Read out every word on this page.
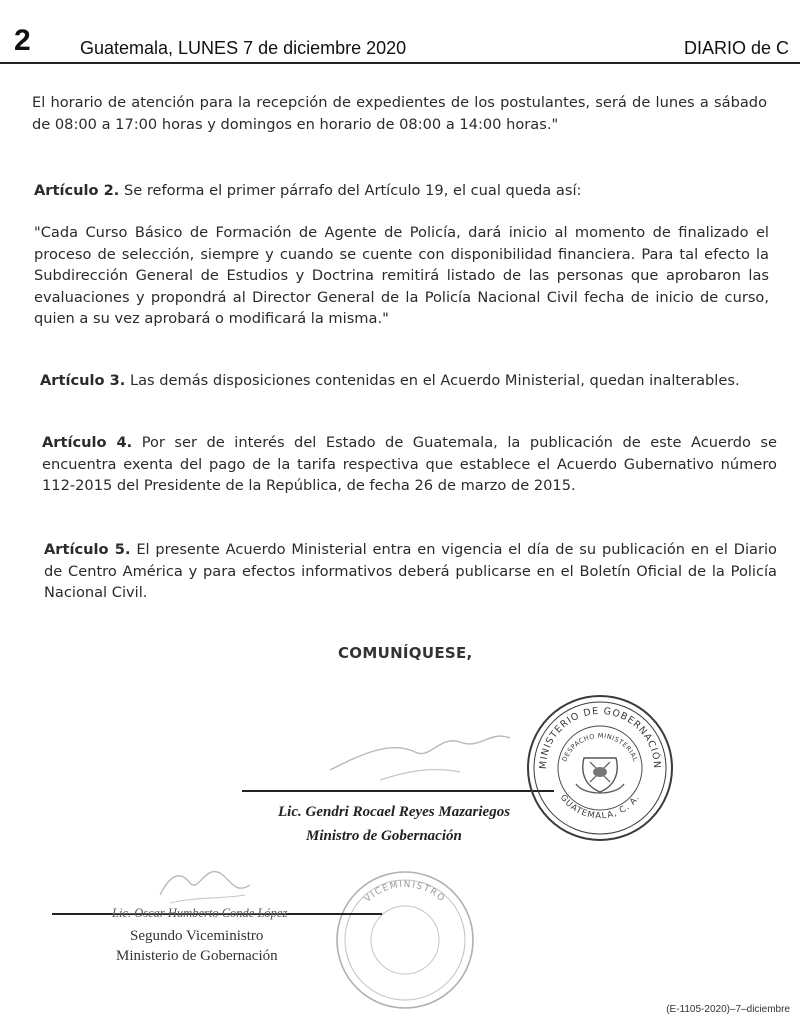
2	Guatemala, LUNES 7 de diciembre 2020	DIARIO de C

El horario de atención para la recepción de expedientes de los postulantes, será de lunes a sábado de 08:00 a 17:00 horas y domingos en horario de 08:00 a 14:00 horas."

Artículo 2. Se reforma el primer párrafo del Artículo 19, el cual queda así:

"Cada Curso Básico de Formación de Agente de Policía, dará inicio al momento de finalizado el proceso de selección, siempre y cuando se cuente con disponibilidad financiera. Para tal efecto la Subdirección General de Estudios y Doctrina remitirá listado de las personas que aprobaron las evaluaciones y propondrá al Director General de la Policía Nacional Civil fecha de inicio de curso, quien a su vez aprobará o modificará la misma."

Artículo 3. Las demás disposiciones contenidas en el Acuerdo Ministerial, quedan inalterables.

Artículo 4. Por ser de interés del Estado de Guatemala, la publicación de este Acuerdo se encuentra exenta del pago de la tarifa respectiva que establece el Acuerdo Gubernativo número 112-2015 del Presidente de la República, de fecha 26 de marzo de 2015.

Artículo 5. El presente Acuerdo Ministerial entra en vigencia el día de su publicación en el Diario de Centro América y para efectos informativos deberá publicarse en el Boletín Oficial de la Policía Nacional Civil.

COMUNÍQUESE,
Lic. Gendri Rocael Reyes Mazariegos
Ministro de Gobernación
MINISTERIO DE GOBERNACIÓN
GUATEMALA, C. A.
DESPACHO MINISTERIAL
VICEMINISTRO
Lic. Oscar Humberto Conde López
Segundo Viceministro
Ministerio de Gobernación
(E-1105-2020)–7–diciembre
